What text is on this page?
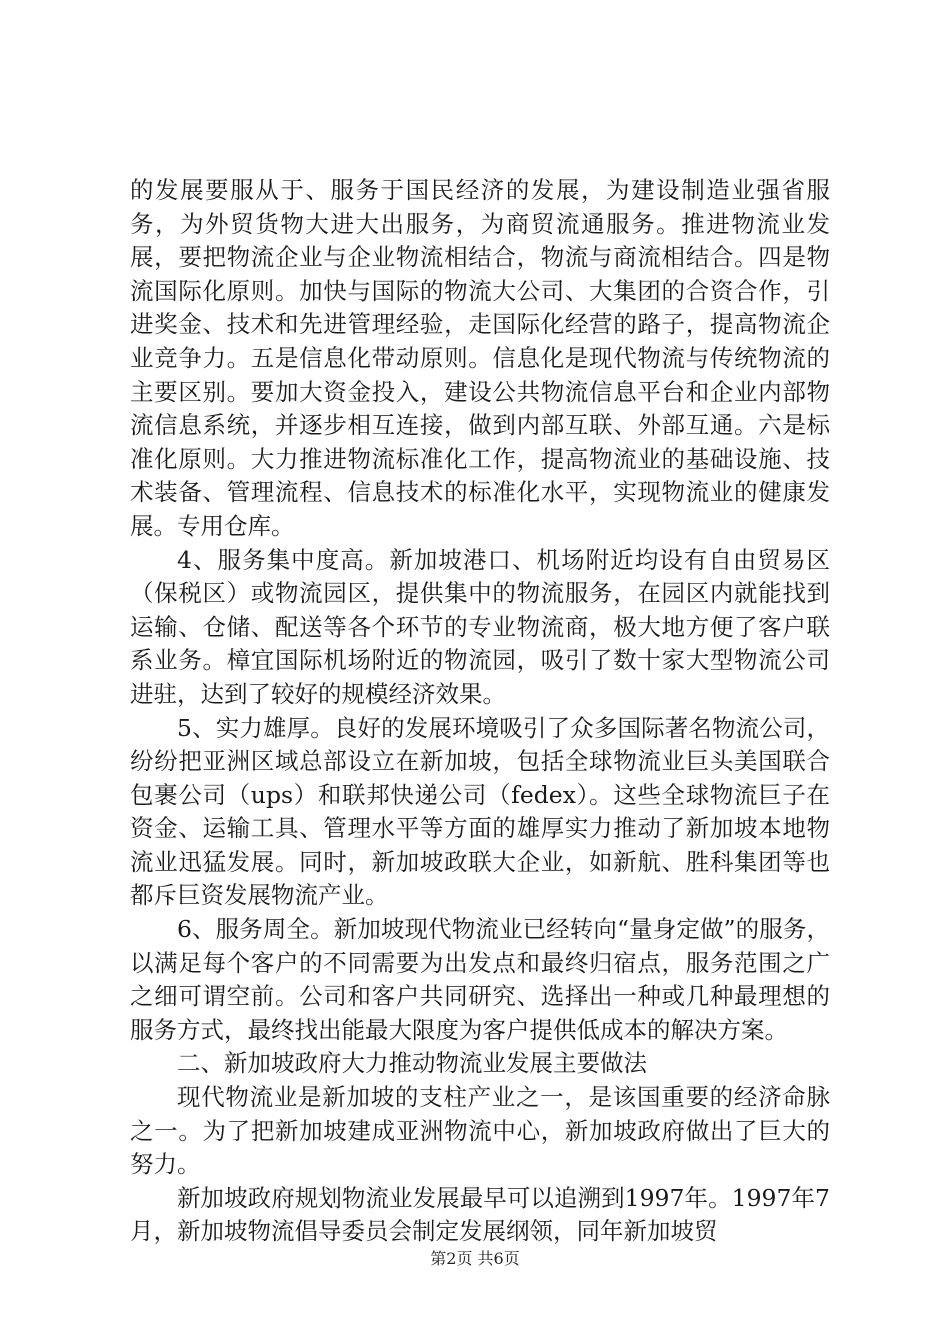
的发展要服从于、服务于国民经济的发展，为建设制造业强省服务，为外贸货物大进大出服务，为商贸流通服务。推进物流业发展，要把物流企业与企业物流相结合，物流与商流相结合。四是物流国际化原则。加快与国际的物流大公司、大集团的合资合作，引进奖金、技术和先进管理经验，走国际化经营的路子，提高物流企业竞争力。五是信息化带动原则。信息化是现代物流与传统物流的主要区别。要加大资金投入，建设公共物流信息平台和企业内部物流信息系统，并逐步相互连接，做到内部互联、外部互通。六是标准化原则。大力推进物流标准化工作，提高物流业的基础设施、技术装备、管理流程、信息技术的标准化水平，实现物流业的健康发展。专用仓库。

4、服务集中度高。新加坡港口、机场附近均设有自由贸易区（保税区）或物流园区，提供集中的物流服务，在园区内就能找到运输、仓储、配送等各个环节的专业物流商，极大地方便了客户联系业务。樟宜国际机场附近的物流园，吸引了数十家大型物流公司进驻，达到了较好的规模经济效果。

5、实力雄厚。良好的发展环境吸引了众多国际著名物流公司，纷纷把亚洲区域总部设立在新加坡，包括全球物流业巨头美国联合包裹公司（ups）和联邦快递公司（fedex）。这些全球物流巨子在资金、运输工具、管理水平等方面的雄厚实力推动了新加坡本地物流业迅猛发展。同时，新加坡政联大企业，如新航、胜科集团等也都斥巨资发展物流产业。

6、服务周全。新加坡现代物流业已经转向“量身定做”的服务，以满足每个客户的不同需要为出发点和最终归宿点，服务范围之广之细可谓空前。公司和客户共同研究、选择出一种或几种最理想的服务方式，最终找出能最大限度为客户提供低成本的解决方案。

二、新加坡政府大力推动物流业发展主要做法

现代物流业是新加坡的支柱产业之一，是该国重要的经济命脉之一。为了把新加坡建成亚洲物流中心，新加坡政府做出了巨大的努力。

新加坡政府规划物流业发展最早可以追溯到1997年。1997年7月，新加坡物流倡导委员会制定发展纲领，同年新加坡贸

第2页 共6页
